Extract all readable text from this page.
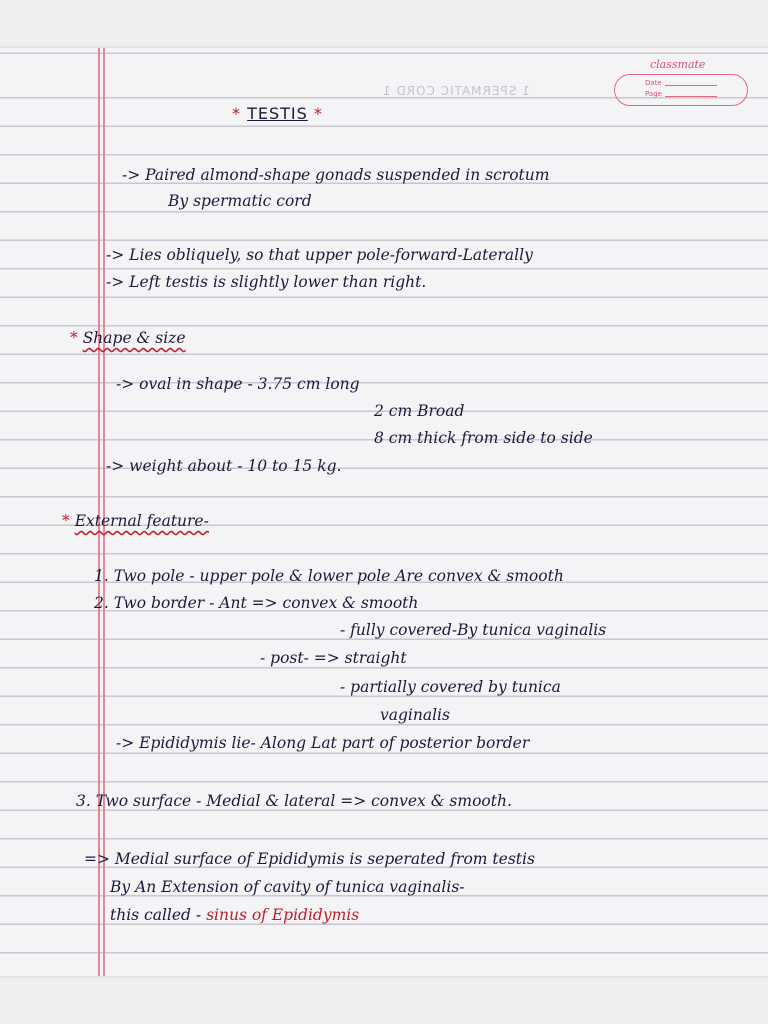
classmate
Date
Page
1 SPERMATIC CORD 1
* TESTIS *
-> Paired almond-shape gonads suspended in scrotum
By spermatic cord
-> Lies obliquely, so that upper pole-forward-Laterally
-> Left testis is slightly lower than right.
* Shape & size
-> oval in shape - 3.75 cm long
2 cm Broad
8 cm thick from side to side
-> weight about - 10 to 15 kg.
* External feature-
1. Two pole - upper pole & lower pole Are convex & smooth
2. Two border - Ant => convex & smooth
- fully covered-By tunica vaginalis
- post- => straight
- partially covered by tunica
vaginalis
-> Epididymis lie- Along Lat part of posterior border
3. Two surface - Medial & lateral => convex & smooth.
=> Medial surface of Epididymis is seperated from testis
By An Extension of cavity of tunica vaginalis-
this called - sinus of Epididymis
